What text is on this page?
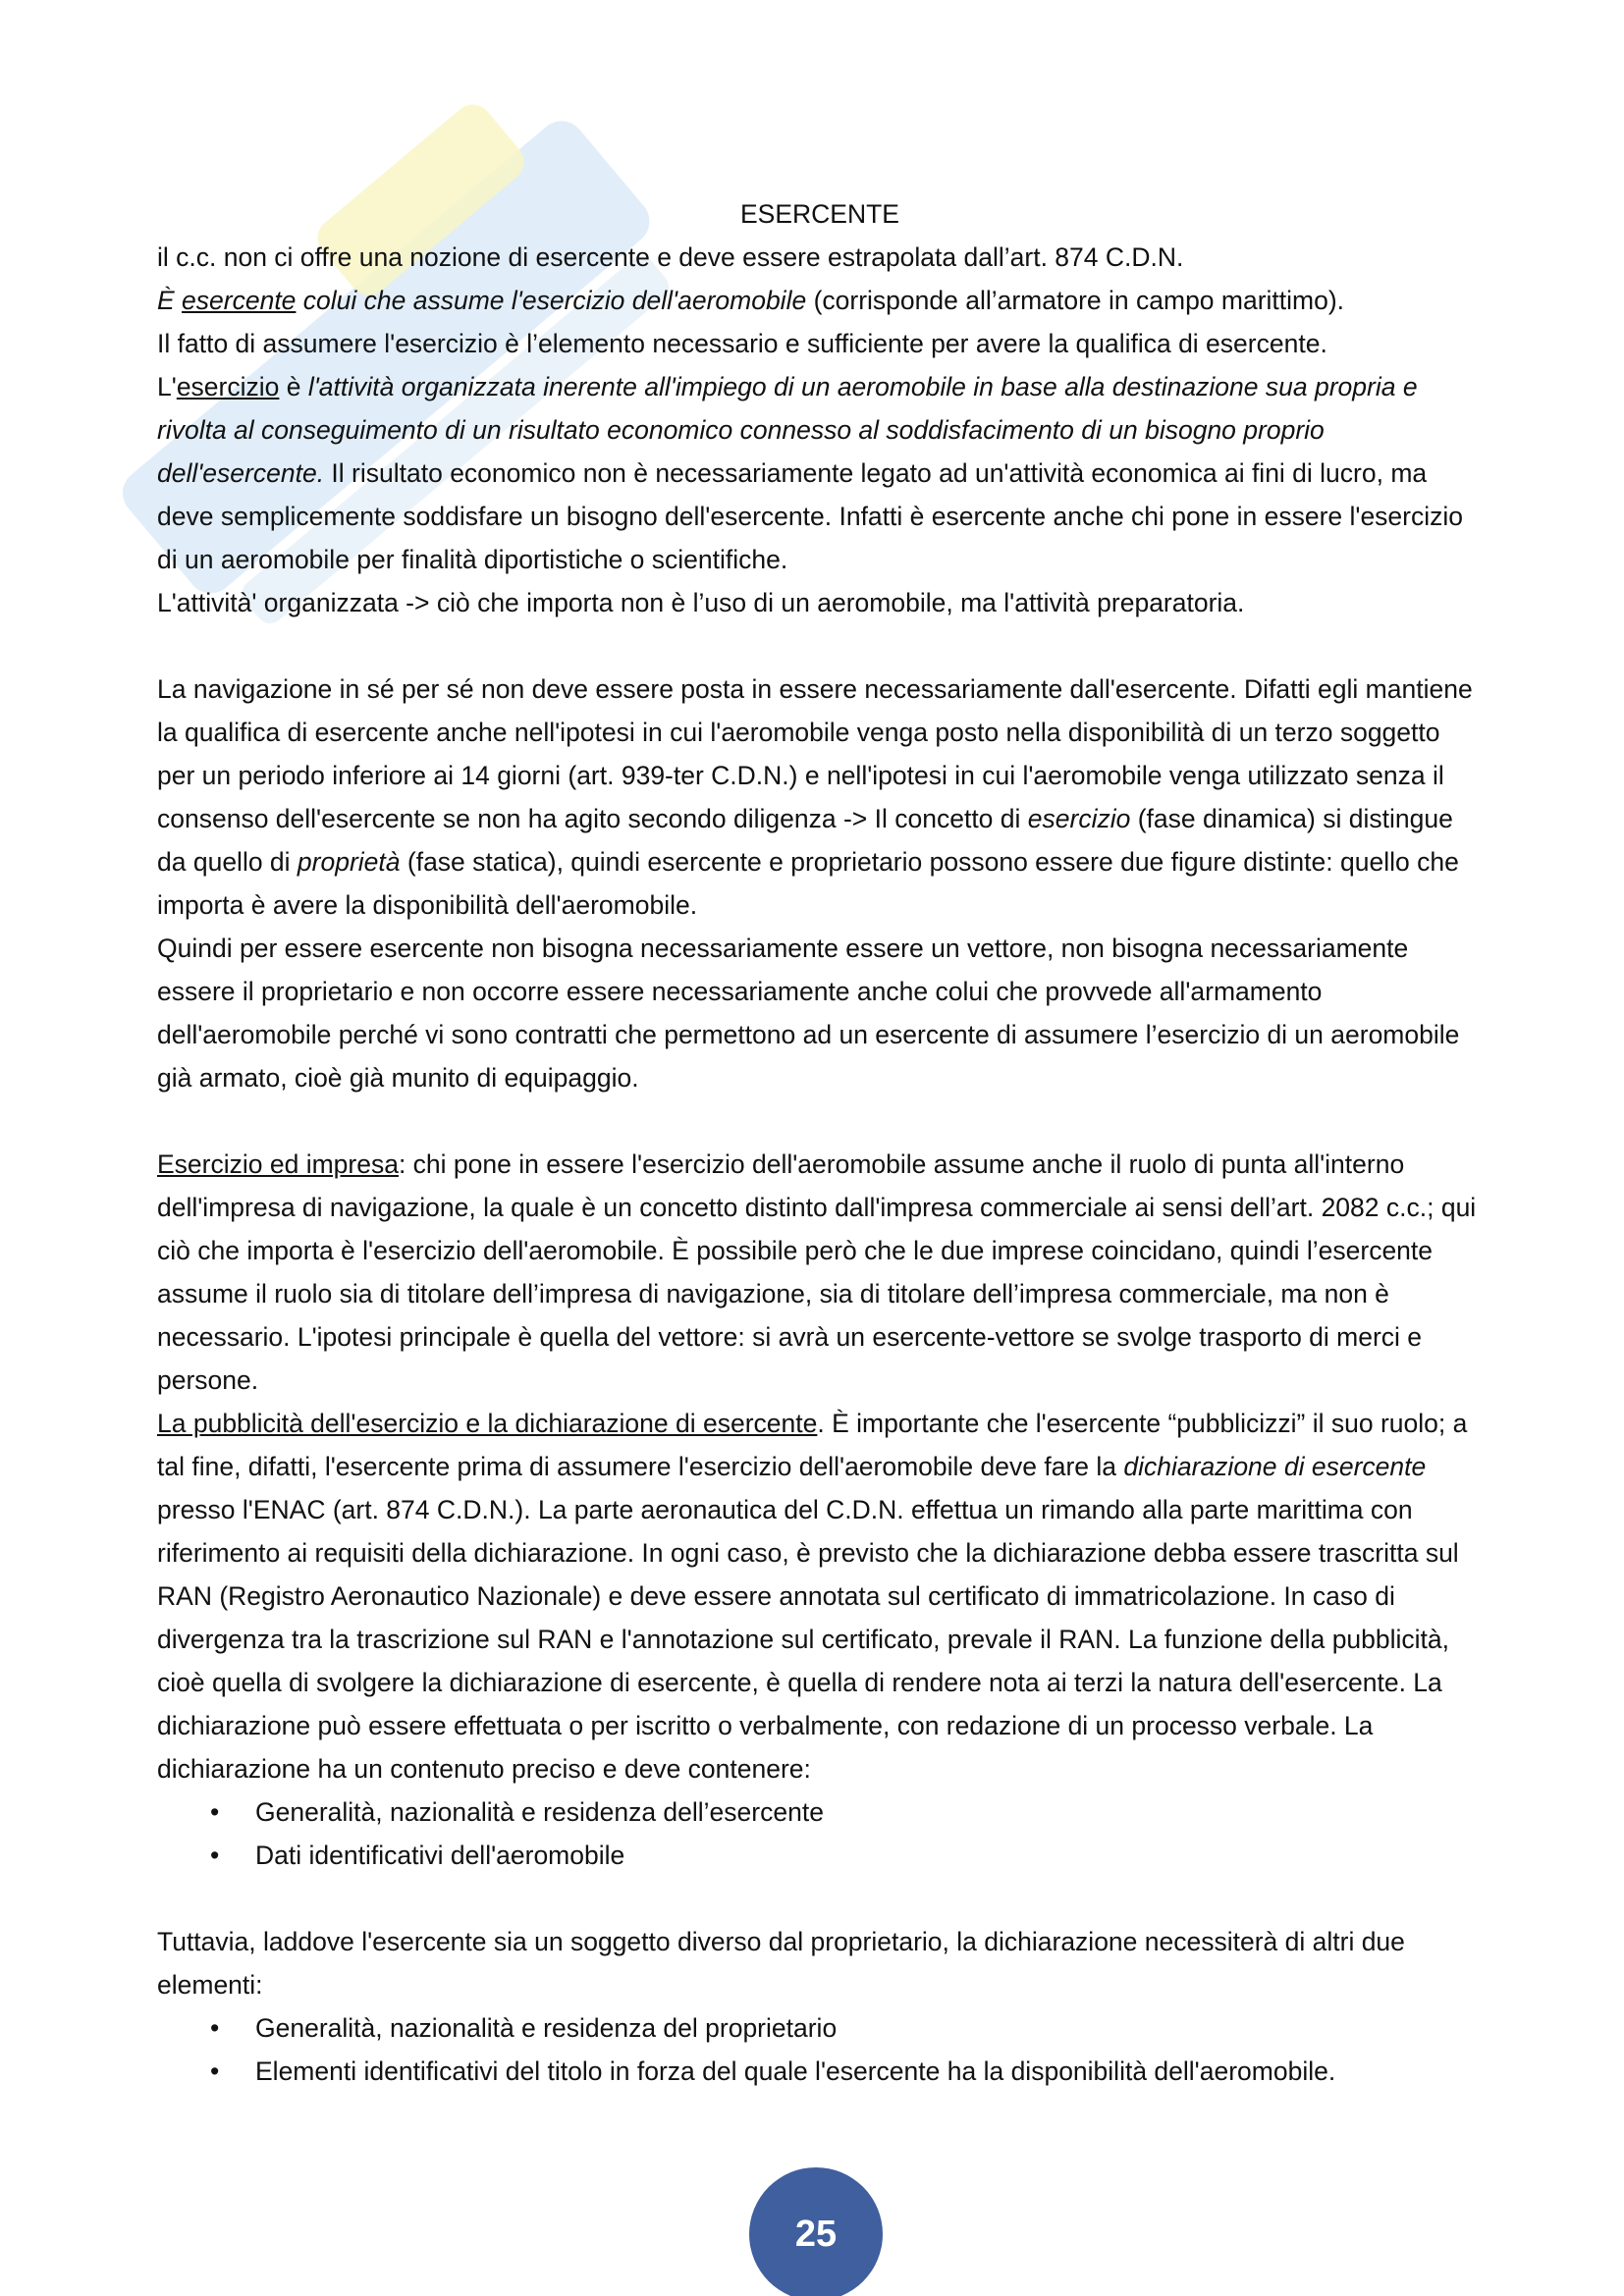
ESERCENTE

il c.c. non ci offre una nozione di esercente e deve essere estrapolata dall’art. 874 C.D.N.

È esercente colui che assume l'esercizio dell'aeromobile (corrisponde all’armatore in campo marittimo).

Il fatto di assumere l'esercizio è l’elemento necessario e sufficiente per avere la qualifica di esercente.

L'esercizio è l'attività organizzata inerente all'impiego di un aeromobile in base alla destinazione sua propria e rivolta al conseguimento di un risultato economico connesso al soddisfacimento di un bisogno proprio dell'esercente. Il risultato economico non è necessariamente legato ad un'attività economica ai fini di lucro, ma deve semplicemente soddisfare un bisogno dell'esercente. Infatti è esercente anche chi pone in essere l'esercizio di un aeromobile per finalità diportistiche o scientifiche.

L'attività' organizzata -> ciò che importa non è l’uso di un aeromobile, ma l'attività preparatoria.

La navigazione in sé per sé non deve essere posta in essere necessariamente dall'esercente. Difatti egli mantiene la qualifica di esercente anche nell'ipotesi in cui l'aeromobile venga posto nella disponibilità di un terzo soggetto per un periodo inferiore ai 14 giorni (art. 939-ter C.D.N.) e nell'ipotesi in cui l'aeromobile venga utilizzato senza il consenso dell'esercente se non ha agito secondo diligenza -> Il concetto di esercizio (fase dinamica) si distingue da quello di proprietà (fase statica), quindi esercente e proprietario possono essere due figure distinte: quello che importa è avere la disponibilità dell'aeromobile.

Quindi per essere esercente non bisogna necessariamente essere un vettore, non bisogna necessariamente essere il proprietario e non occorre essere necessariamente anche colui che provvede all'armamento dell'aeromobile perché vi sono contratti che permettono ad un esercente di assumere l’esercizio di un aeromobile già armato, cioè già munito di equipaggio.

Esercizio ed impresa: chi pone in essere l'esercizio dell'aeromobile assume anche il ruolo di punta all'interno dell'impresa di navigazione, la quale è un concetto distinto dall'impresa commerciale ai sensi dell’art. 2082 c.c.; qui ciò che importa è l'esercizio dell'aeromobile. È possibile però che le due imprese coincidano, quindi l’esercente assume il ruolo sia di titolare dell’impresa di navigazione, sia di titolare dell’impresa commerciale, ma non è necessario. L'ipotesi principale è quella del vettore: si avrà un esercente-vettore se svolge trasporto di merci e persone.

La pubblicità dell'esercizio e la dichiarazione di esercente. È importante che l'esercente “pubblicizzi” il suo ruolo; a tal fine, difatti, l'esercente prima di assumere l'esercizio dell'aeromobile deve fare la dichiarazione di esercente presso l'ENAC (art. 874 C.D.N.). La parte aeronautica del C.D.N. effettua un rimando alla parte marittima con riferimento ai requisiti della dichiarazione. In ogni caso, è previsto che la dichiarazione debba essere trascritta sul RAN (Registro Aeronautico Nazionale) e deve essere annotata sul certificato di immatricolazione. In caso di divergenza tra la trascrizione sul RAN e l'annotazione sul certificato, prevale il RAN. La funzione della pubblicità, cioè quella di svolgere la dichiarazione di esercente, è quella di rendere nota ai terzi la natura dell'esercente. La dichiarazione può essere effettuata o per iscritto o verbalmente, con redazione di un processo verbale. La dichiarazione ha un contenuto preciso e deve contenere:

• Generalità, nazionalità e residenza dell’esercente
• Dati identificativi dell'aeromobile

Tuttavia, laddove l'esercente sia un soggetto diverso dal proprietario, la dichiarazione necessiterà di altri due elementi:

• Generalità, nazionalità e residenza del proprietario
• Elementi identificativi del titolo in forza del quale l'esercente ha la disponibilità dell'aeromobile.
25
